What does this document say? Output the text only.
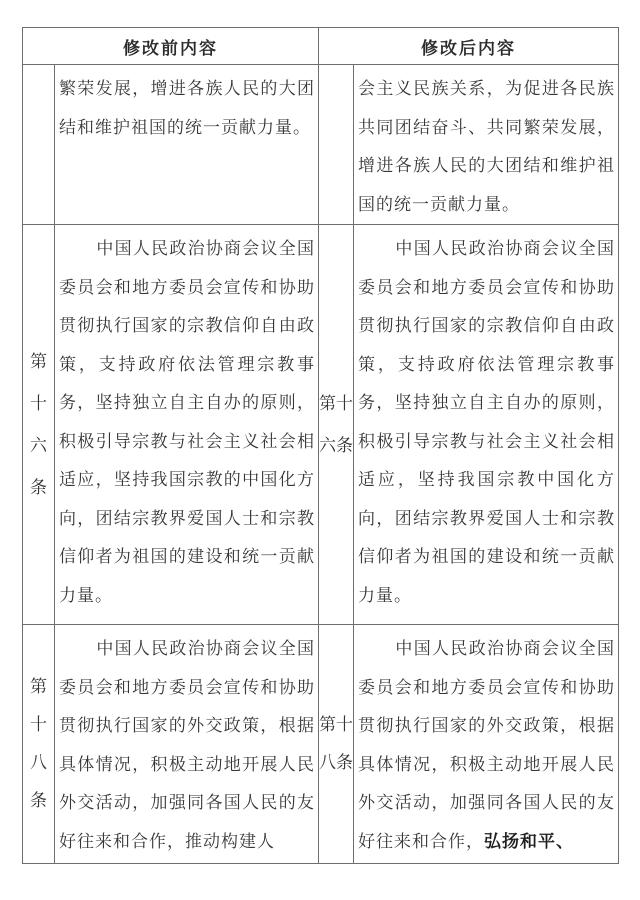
修改前内容		修改后内容	

	繁荣发展，增进各族人民的大团结和维护祖国的统一贡献力量。		会主义民族关系，为促进各民族共同团结奋斗、共同繁荣发展，增进各族人民的大团结和维护祖国的统一贡献力量。

第十六条	中国人民政治协商会议全国委员会和地方委员会宣传和协助贯彻执行国家的宗教信仰自由政策，支持政府依法管理宗教事务，坚持独立自主自办的原则，积极引导宗教与社会主义社会相适应，坚持我国宗教的中国化方向，团结宗教界爱国人士和宗教信仰者为祖国的建设和统一贡献力量。	第十六条	中国人民政治协商会议全国委员会和地方委员会宣传和协助贯彻执行国家的宗教信仰自由政策，支持政府依法管理宗教事务，坚持独立自主自办的原则，积极引导宗教与社会主义社会相适应，坚持我国宗教中国化方向，团结宗教界爱国人士和宗教信仰者为祖国的建设和统一贡献力量。

第十八条	中国人民政治协商会议全国委员会和地方委员会宣传和协助贯彻执行国家的外交政策，根据具体情况，积极主动地开展人民外交活动，加强同各国人民的友好往来和合作，推动构建人	第十八条	中国人民政治协商会议全国委员会和地方委员会宣传和协助贯彻执行国家的外交政策，根据具体情况，积极主动地开展人民外交活动，加强同各国人民的友好往来和合作，弘扬和平、
